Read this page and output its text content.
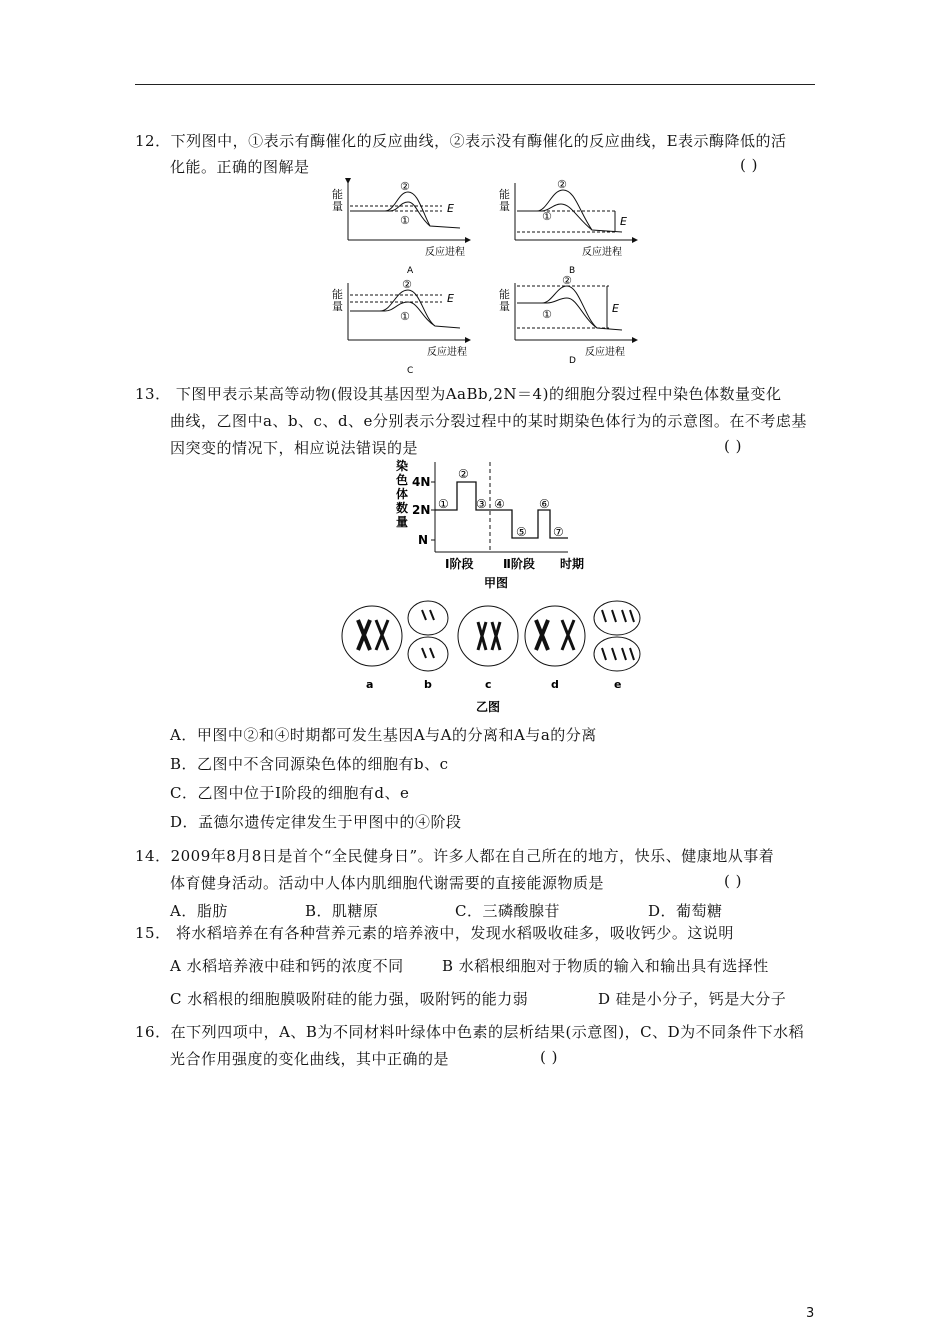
12．下列图中，①表示有酶催化的反应曲线，②表示没有酶催化的反应曲线，E表示酶降低的活
化能。正确的图解是	( )
能
量
②
①
E
反应进程
A
能
量
②
①	E
反应进程
B
能
量
②
①
E
反应进程
C
能
量
②
①	E
反应进程
D
13． 下图甲表示某高等动物(假设其基因型为AaBb,2N＝4)的细胞分裂过程中染色体数量变化
曲线，乙图中a、b、c、d、e分别表示分裂过程中的某时期染色体行为的示意图。在不考虑基
因突变的情况下，相应说法错误的是	( )
染
色
体
数
量
4N
2N
N
①
②
③ ④
⑤
⑥
⑦
Ⅰ阶段 Ⅱ阶段 时期
甲图
a	b	c	d	e
乙图
A．甲图中②和④时期都可发生基因A与A的分离和A与a的分离
B．乙图中不含同源染色体的细胞有b、c
C．乙图中位于Ⅰ阶段的细胞有d、e
D．孟德尔遗传定律发生于甲图中的④阶段
14．2009年8月8日是首个“全民健身日”。许多人都在自己所在的地方，快乐、健康地从事着
体育健身活动。活动中人体内肌细胞代谢需要的直接能源物质是	( )
A．脂肪	B．肌糖原	C．三磷酸腺苷	D．葡萄糖
15． 将水稻培养在有各种营养元素的培养液中，发现水稻吸收硅多，吸收钙少。这说明
A 水稻培养液中硅和钙的浓度不同	B 水稻根细胞对于物质的输入和输出具有选择性
C 水稻根的细胞膜吸附硅的能力强，吸附钙的能力弱	D 硅是小分子，钙是大分子
16．在下列四项中，A、B为不同材料叶绿体中色素的层析结果(示意图)，C、D为不同条件下水稻
光合作用强度的变化曲线，其中正确的是	( )
3
